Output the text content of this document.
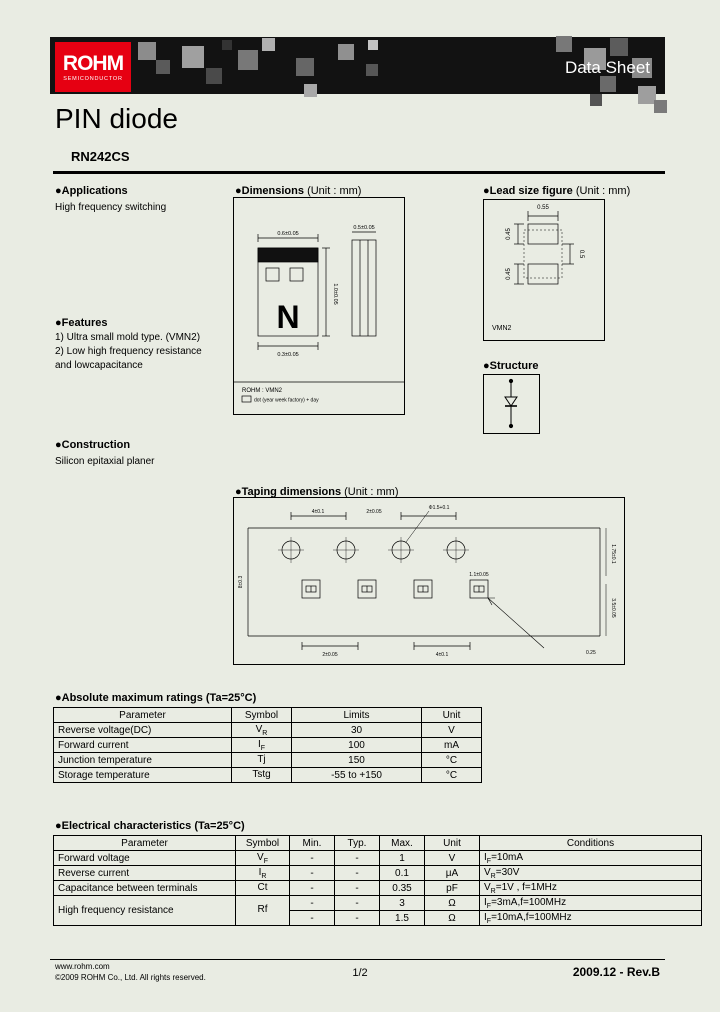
ROHM
SEMICONDUCTOR
Data Sheet
PIN diode
RN242CS
●Applications
High frequency switching
●Features
1) Ultra small mold type. (VMN2)
2) Low high frequency resistance
and lowcapacitance
●Construction
Silicon epitaxial planer
●Dimensions (Unit : mm)
0.6±0.05
0.3±0.05
1.0±0.05
0.5±0.05
N
ROHM : VMN2
dot (year week factory) + day
●Lead size figure (Unit : mm)
0.55
0.45
0.45
0.5
VMN2
●Structure
●Taping dimensions (Unit : mm)
4±0.1	2±0.05
Φ1.5+0.1
8±0.3
1.75±0.1
3.5±0.05
1.1±0.05
2±0.05	4±0.1	0.25
●Absolute maximum ratings (Ta=25°C)
Parameter	Symbol	Limits	Unit
Reverse voltage(DC)	$V_R$	30	V
Forward current	$I_F$	100	mA
Junction temperature	Tj	150	°C
Storage temperature	Tstg	-55 to +150	°C
●Electrical characteristics (Ta=25°C)
Parameter	Symbol	Min.	Typ.	Max.	Unit	Conditions
Forward voltage	$V_F$	-	-	1	V	$I_F=10mA$
Reverse current	$I_R$	-	-	0.1	μA	$V_R=30V$
Capacitance between terminals	Ct	-	-	0.35	pF	$V_R=1V$ , f=1MHz
High frequency resistance	Rf	-	-	3	Ω	$I_F=3mA,f=100MHz$
		-	-	1.5	Ω	$I_F=10mA,f=100MHz$
www.rohm.com
©2009 ROHM Co., Ltd. All rights reserved.	1/2	2009.12 - Rev.B
